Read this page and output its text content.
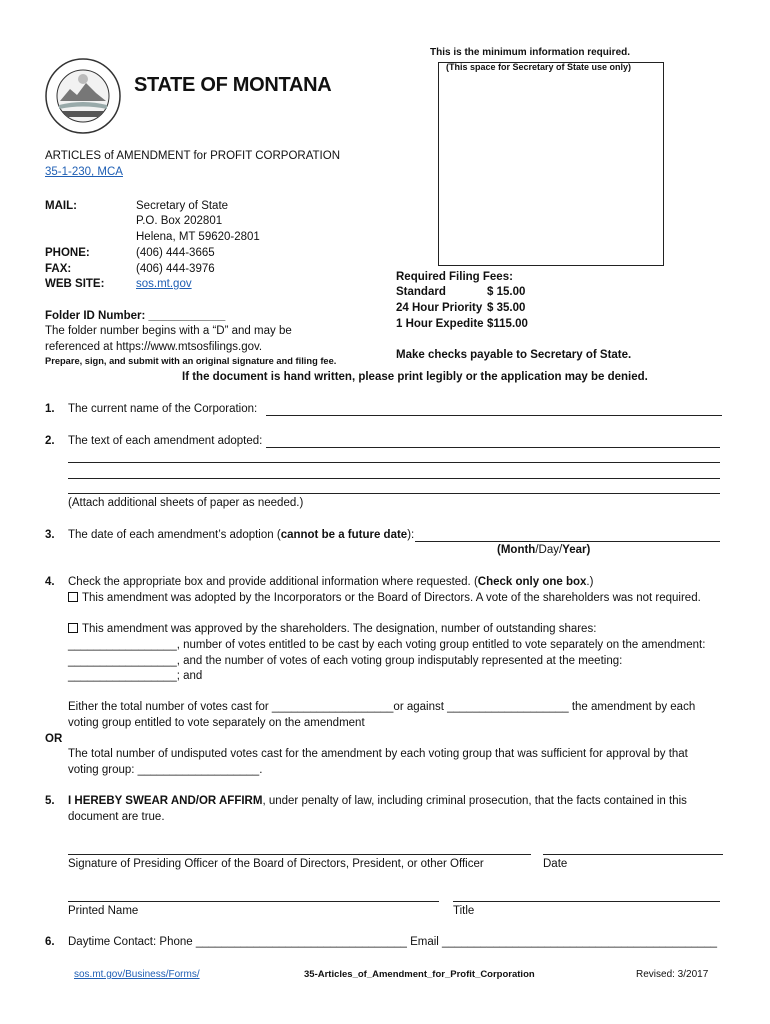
This is the minimum information required.
(This space for Secretary of State use only)
STATE OF MONTANA
ARTICLES of AMENDMENT for PROFIT CORPORATION
35-1-230, MCA
MAIL:	Secretary of State
P.O. Box 202801
Helena, MT 59620-2801
PHONE:	(406) 444-3665
FAX:	(406) 444-3976
WEB SITE:	sos.mt.gov
Folder ID Number: ____________
The folder number begins with a “D” and may be
referenced at https://www.mtsosfilings.gov.
Prepare, sign, and submit with an original signature and filing fee.
Required Filing Fees:
Standard	$ 15.00
24 Hour Priority $ 35.00
1 Hour Expedite $115.00
Make checks payable to Secretary of State.
If the document is hand written, please print legibly or the application may be denied.
1. The current name of the Corporation:
2. The text of each amendment adopted:
(Attach additional sheets of paper as needed.)
3. The date of each amendment’s adoption (cannot be a future date):
(Month/Day/Year)
4. Check the appropriate box and provide additional information where requested. (Check only one box.)
This amendment was adopted by the Incorporators or the Board of Directors. A vote of the shareholders was not required.
This amendment was approved by the shareholders. The designation, number of outstanding shares:
_________________, number of votes entitled to be cast by each voting group entitled to vote separately on the amendment:
_________________, and the number of votes of each voting group indisputably represented at the meeting:
_________________; and
Either the total number of votes cast for ___________________or against ___________________ the amendment by each
voting group entitled to vote separately on the amendment
OR
The total number of undisputed votes cast for the amendment by each voting group that was sufficient for approval by that
voting group: ___________________.
5. I HEREBY SWEAR AND/OR AFFIRM, under penalty of law, including criminal prosecution, that the facts contained in this
document are true.
Signature of Presiding Officer of the Board of Directors, President, or other Officer	Date
Printed Name	Title
6. Daytime Contact: Phone _________________________________ Email ___________________________________________
sos.mt.gov/Business/Forms/	35-Articles_of_Amendment_for_Profit_Corporation	Revised: 3/2017
